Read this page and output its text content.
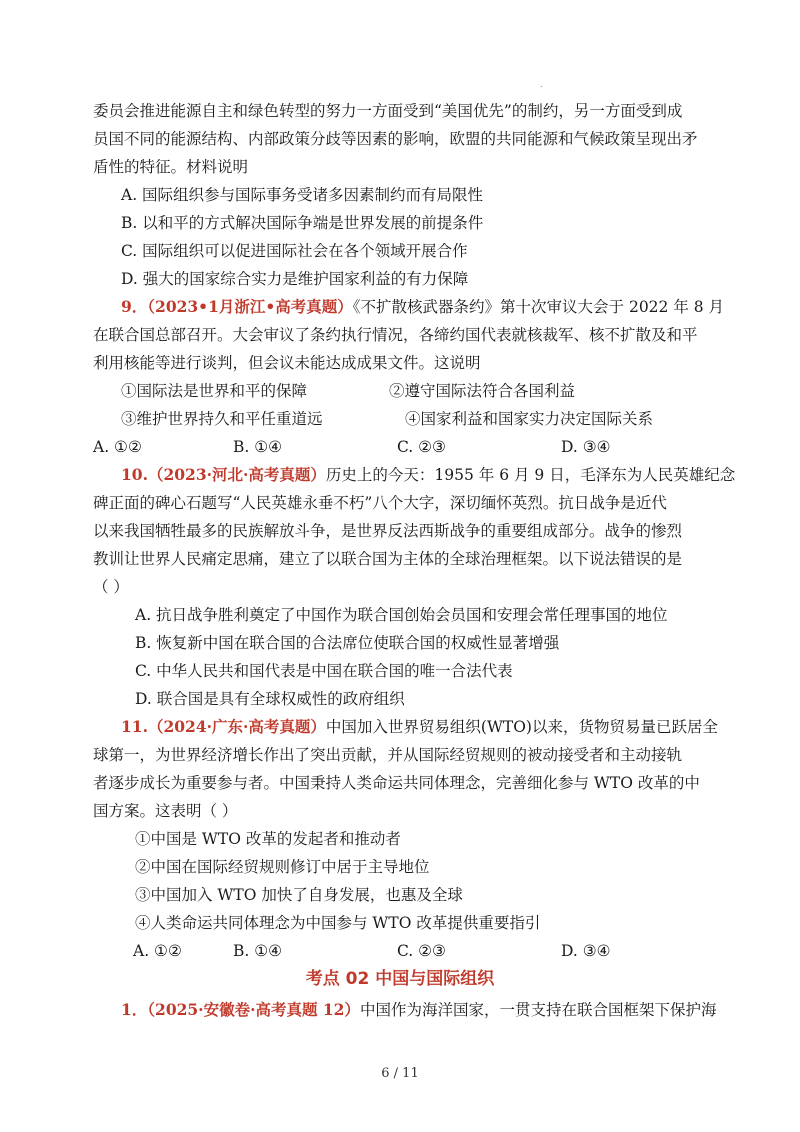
.
委员会推进能源自主和绿色转型的努力一方面受到“美国优先”的制约，另一方面受到成
员国不同的能源结构、内部政策分歧等因素的影响，欧盟的共同能源和气候政策呈现出矛
盾性的特征。材料说明
A. 国际组织参与国际事务受诸多因素制约而有局限性
B. 以和平的方式解决国际争端是世界发展的前提条件
C. 国际组织可以促进国际社会在各个领域开展合作
D. 强大的国家综合实力是维护国家利益的有力保障
9．（2023•1月浙江•高考真题）《不扩散核武器条约》第十次审议大会于 2022 年 8 月
在联合国总部召开。大会审议了条约执行情况，各缔约国代表就核裁军、核不扩散及和平
利用核能等进行谈判，但会议未能达成成果文件。这说明
①国际法是世界和平的保障	②遵守国际法符合各国利益
③维护世界持久和平任重道远	④国家利益和国家实力决定国际关系
A. ①②	B. ①④	C. ②③	D. ③④
10.（2023·河北·高考真题）历史上的今天：1955 年 6 月 9 日，毛泽东为人民英雄纪念
碑正面的碑心石题写“人民英雄永垂不朽”八个大字，深切缅怀英烈。抗日战争是近代
以来我国牺牲最多的民族解放斗争，是世界反法西斯战争的重要组成部分。战争的惨烈
教训让世界人民痛定思痛，建立了以联合国为主体的全球治理框架。以下说法错误的是
（ ）
A. 抗日战争胜利奠定了中国作为联合国创始会员国和安理会常任理事国的地位
B. 恢复新中国在联合国的合法席位使联合国的权威性显著增强
C. 中华人民共和国代表是中国在联合国的唯一合法代表
D. 联合国是具有全球权威性的政府组织
11.（2024·广东·高考真题）中国加入世界贸易组织(WTO)以来，货物贸易量已跃居全
球第一，为世界经济增长作出了突出贡献，并从国际经贸规则的被动接受者和主动接轨
者逐步成长为重要参与者。中国秉持人类命运共同体理念，完善细化参与 WTO 改革的中
国方案。这表明（ ）
①中国是 WTO 改革的发起者和推动者
②中国在国际经贸规则修订中居于主导地位
③中国加入 WTO 加快了自身发展，也惠及全球
④人类命运共同体理念为中国参与 WTO 改革提供重要指引
A. ①②	B. ①④	C. ②③	D. ③④
考点 02 中国与国际组织
1．（2025·安徽卷·高考真题 12）中国作为海洋国家，一贯支持在联合国框架下保护海
6 / 11
